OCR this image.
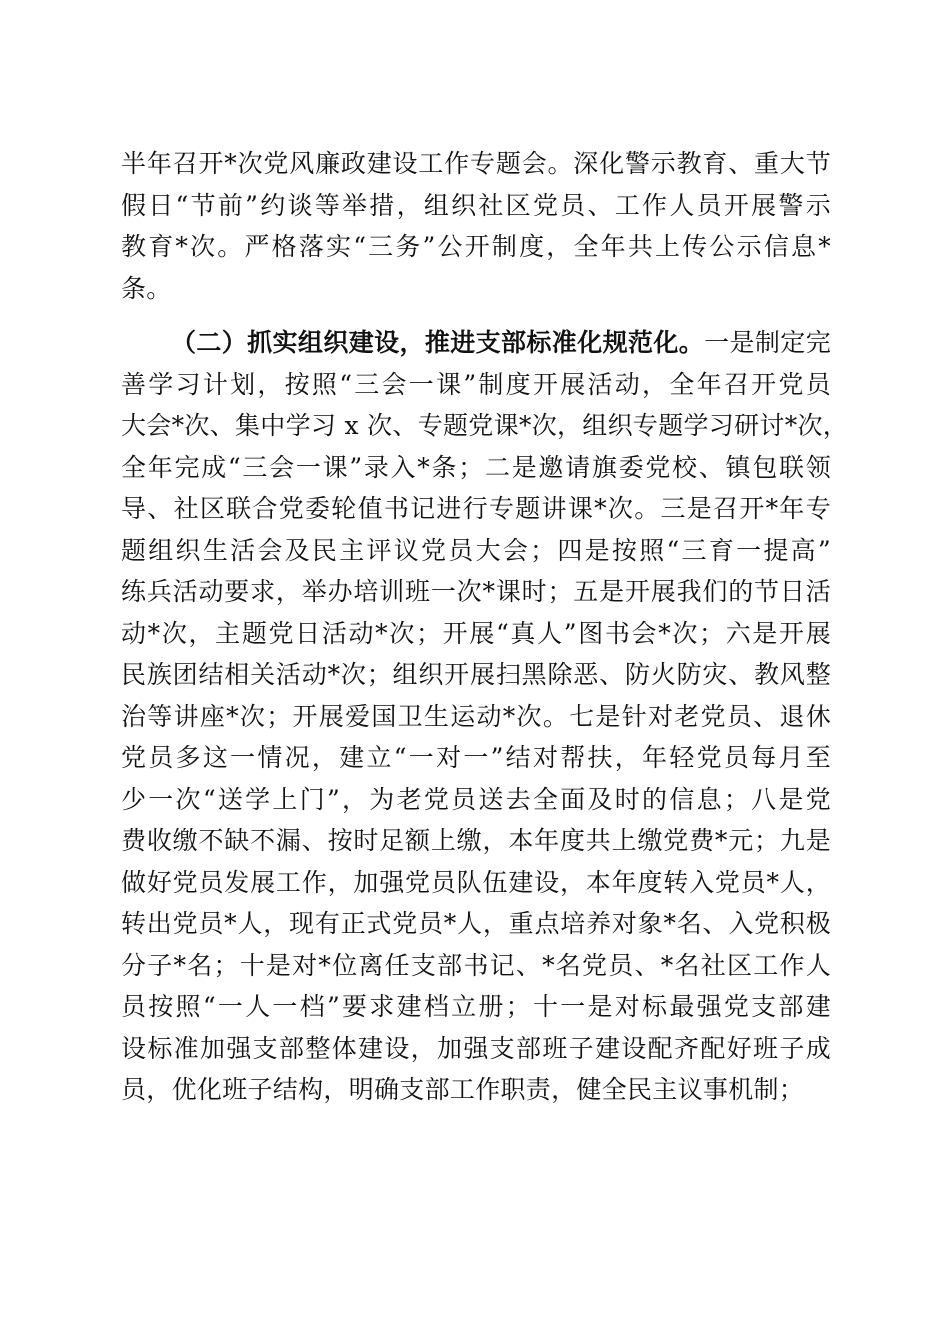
半年召开*次党风廉政建设工作专题会。深化警示教育、重大节
假日“节前”约谈等举措，组织社区党员、工作人员开展警示
教育*次。严格落实“三务”公开制度，全年共上传公示信息*
条。
（二）抓实组织建设，推进支部标准化规范化。一是制定完
善学习计划，按照“三会一课”制度开展活动，全年召开党员
大会*次、集中学习 x 次、专题党课*次，组织专题学习研讨*次，
全年完成“三会一课”录入*条；二是邀请旗委党校、镇包联领
导、社区联合党委轮值书记进行专题讲课*次。三是召开*年专
题组织生活会及民主评议党员大会；四是按照“三育一提高”
练兵活动要求，举办培训班一次*课时；五是开展我们的节日活
动*次，主题党日活动*次；开展“真人”图书会*次；六是开展
民族团结相关活动*次；组织开展扫黑除恶、防火防灾、教风整
治等讲座*次；开展爱国卫生运动*次。七是针对老党员、退休
党员多这一情况，建立“一对一”结对帮扶，年轻党员每月至
少一次“送学上门”，为老党员送去全面及时的信息；八是党
费收缴不缺不漏、按时足额上缴，本年度共上缴党费*元；九是
做好党员发展工作，加强党员队伍建设，本年度转入党员*人，
转出党员*人，现有正式党员*人，重点培养对象*名、入党积极
分子*名；十是对*位离任支部书记、*名党员、*名社区工作人
员按照“一人一档”要求建档立册；十一是对标最强党支部建
设标准加强支部整体建设，加强支部班子建设配齐配好班子成
员，优化班子结构，明确支部工作职责，健全民主议事机制；
